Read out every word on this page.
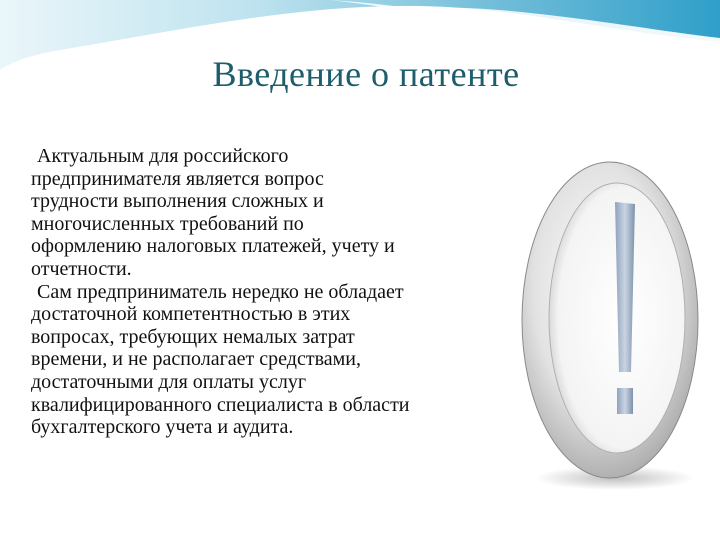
Введение о патенте

Актуальным для российского
предпринимателя является вопрос
трудности выполнения сложных и
многочисленных требований по
оформлению налоговых платежей, учету и
отчетности.

Сам предприниматель нередко не обладает
достаточной компетентностью в этих
вопросах, требующих немалых затрат
времени, и не располагает средствами,
достаточными для оплаты услуг
квалифицированного специалиста в области
бухгалтерского учета и аудита.
